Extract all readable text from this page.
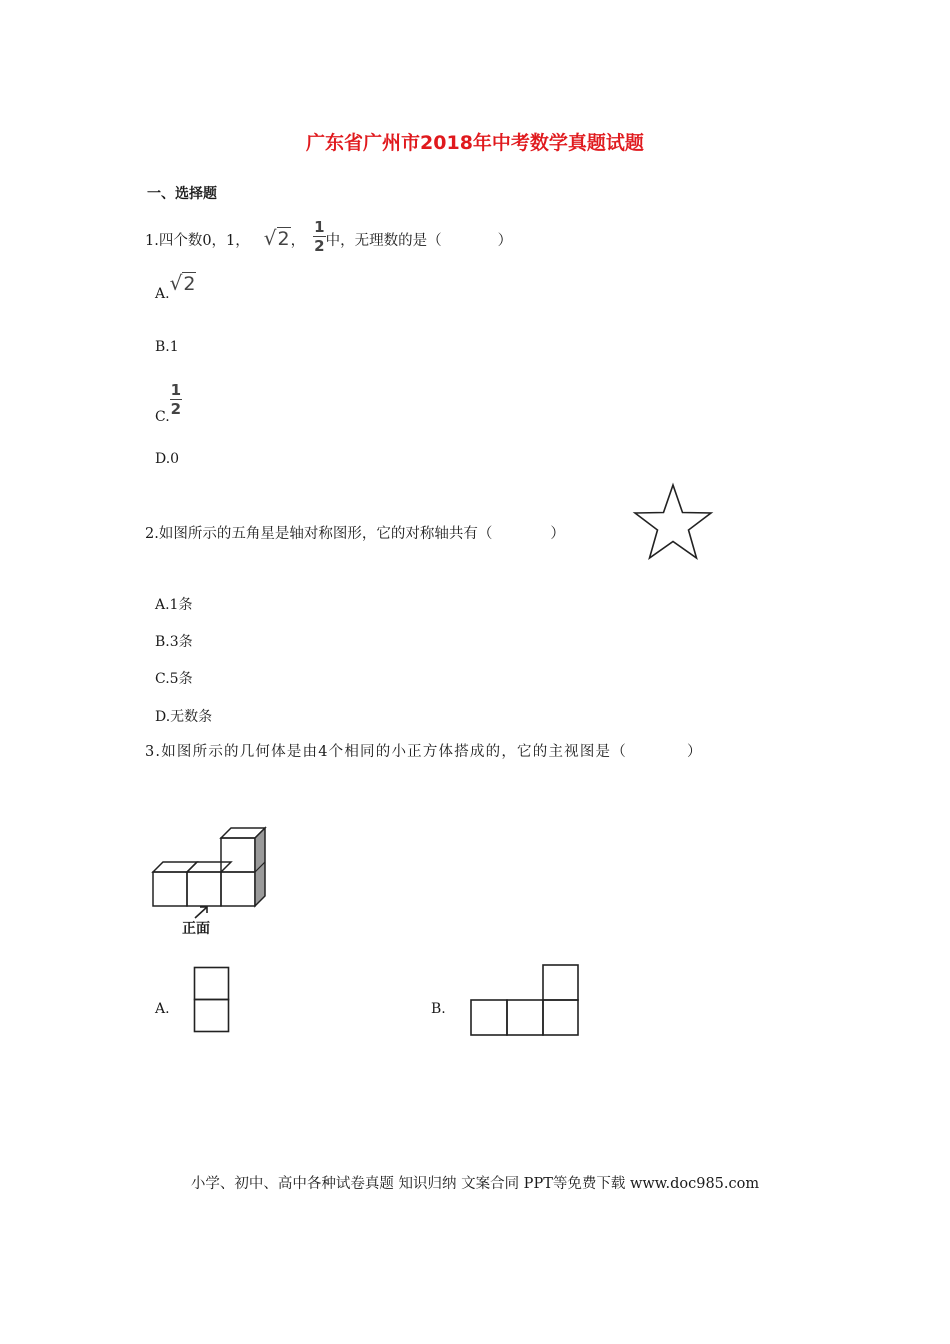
广东省广州市2018年中考数学真题试题
一、选择题
1.四个数0，1， √2， $\frac{1}{2}$ 中，无理数的是（	）
A.√2
B.1
C. $\frac{1}{2}$
D.0
2.如图所示的五角星是轴对称图形，它的对称轴共有（	）
A.1条
B.3条
C.5条
D.无数条
3.如图所示的几何体是由4个相同的小正方体搭成的，它的主视图是（	）
正面
A.	B.
小学、初中、高中各种试卷真题 知识归纳 文案合同 PPT等免费下载 www.doc985.com
